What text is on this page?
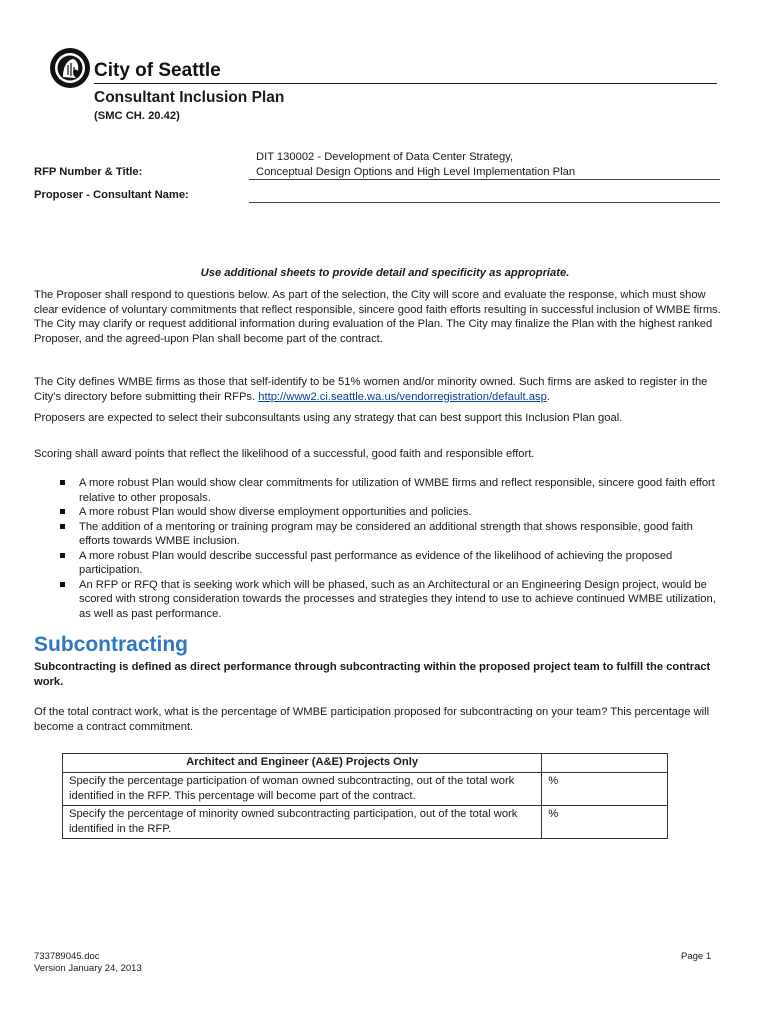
City of Seattle
Consultant Inclusion Plan
(SMC CH. 20.42)
RFP Number & Title:
DIT 130002 - Development of Data Center Strategy,
Conceptual Design Options and High Level Implementation Plan
Proposer - Consultant Name:
Use additional sheets to provide detail and specificity as appropriate.
The Proposer shall respond to questions below. As part of the selection, the City will score and evaluate the response, which must show clear evidence of voluntary commitments that reflect responsible, sincere good faith efforts resulting in successful inclusion of WMBE firms. The City may clarify or request additional information during evaluation of the Plan. The City may finalize the Plan with the highest ranked Proposer, and the agreed-upon Plan shall become part of the contract.
The City defines WMBE firms as those that self-identify to be 51% women and/or minority owned. Such firms are asked to register in the City’s directory before submitting their RFPs. http://www2.ci.seattle.wa.us/vendorregistration/default.asp.
Proposers are expected to select their subconsultants using any strategy that can best support this Inclusion Plan goal.
Scoring shall award points that reflect the likelihood of a successful, good faith and responsible effort.
A more robust Plan would show clear commitments for utilization of WMBE firms and reflect responsible, sincere good faith effort relative to other proposals.
A more robust Plan would show diverse employment opportunities and policies.
The addition of a mentoring or training program may be considered an additional strength that shows responsible, good faith efforts towards WMBE inclusion.
A more robust Plan would describe successful past performance as evidence of the likelihood of achieving the proposed participation.
An RFP or RFQ that is seeking work which will be phased, such as an Architectural or an Engineering Design project, would be scored with strong consideration towards the processes and strategies they intend to use to achieve continued WMBE utilization, as well as past performance.
Subcontracting
Subcontracting is defined as direct performance through subcontracting within the proposed project team to fulfill the contract work.
Of the total contract work, what is the percentage of WMBE participation proposed for subcontracting on your team? This percentage will become a contract commitment.
Architect and Engineer (A&E) Projects Only	
Specify the percentage participation of woman owned subcontracting, out of the total work identified in the RFP. This percentage will become part of the contract.	%
Specify the percentage of minority owned subcontracting participation, out of the total work identified in the RFP.	%
733789045.doc
Version January 24, 2013
Page 1
